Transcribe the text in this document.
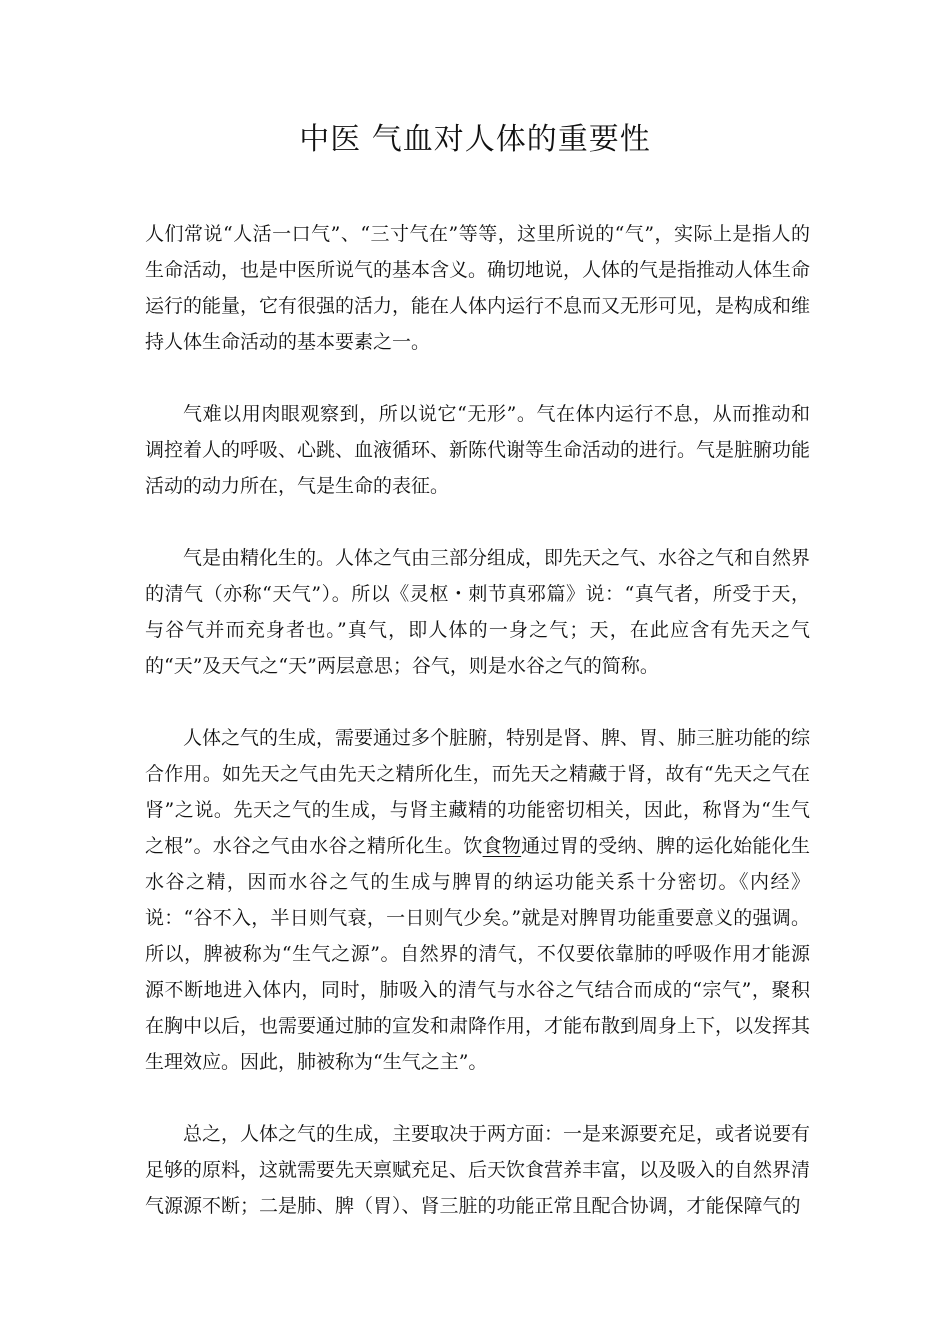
中医 气血对人体的重要性

人们常说“人活一口气”、“三寸气在”等等，这里所说的“气”，实际上是指人的生命活动，也是中医所说气的基本含义。确切地说，人体的气是指推动人体生命运行的能量，它有很强的活力，能在人体内运行不息而又无形可见，是构成和维持人体生命活动的基本要素之一。

气难以用肉眼观察到，所以说它“无形”。气在体内运行不息，从而推动和调控着人的呼吸、心跳、血液循环、新陈代谢等生命活动的进行。气是脏腑功能活动的动力所在，气是生命的表征。

气是由精化生的。人体之气由三部分组成，即先天之气、水谷之气和自然界的清气（亦称“天气”）。所以《灵枢・刺节真邪篇》说：“真气者，所受于天，与谷气并而充身者也。”真气，即人体的一身之气；天，在此应含有先天之气的“天”及天气之“天”两层意思；谷气，则是水谷之气的简称。

人体之气的生成，需要通过多个脏腑，特别是肾、脾、胃、肺三脏功能的综合作用。如先天之气由先天之精所化生，而先天之精藏于肾，故有“先天之气在肾”之说。先天之气的生成，与肾主藏精的功能密切相关，因此，称肾为“生气之根”。水谷之气由水谷之精所化生。饮食物通过胃的受纳、脾的运化始能化生水谷之精，因而水谷之气的生成与脾胃的纳运功能关系十分密切。《内经》说：“谷不入，半日则气衰，一日则气少矣。”就是对脾胃功能重要意义的强调。所以，脾被称为“生气之源”。自然界的清气，不仅要依靠肺的呼吸作用才能源源不断地进入体内，同时，肺吸入的清气与水谷之气结合而成的“宗气”，聚积在胸中以后，也需要通过肺的宣发和肃降作用，才能布散到周身上下，以发挥其生理效应。因此，肺被称为“生气之主”。

总之，人体之气的生成，主要取决于两方面：一是来源要充足，或者说要有足够的原料，这就需要先天禀赋充足、后天饮食营养丰富，以及吸入的自然界清气源源不断；二是肺、脾（胃）、肾三脏的功能正常且配合协调，才能保障气的
